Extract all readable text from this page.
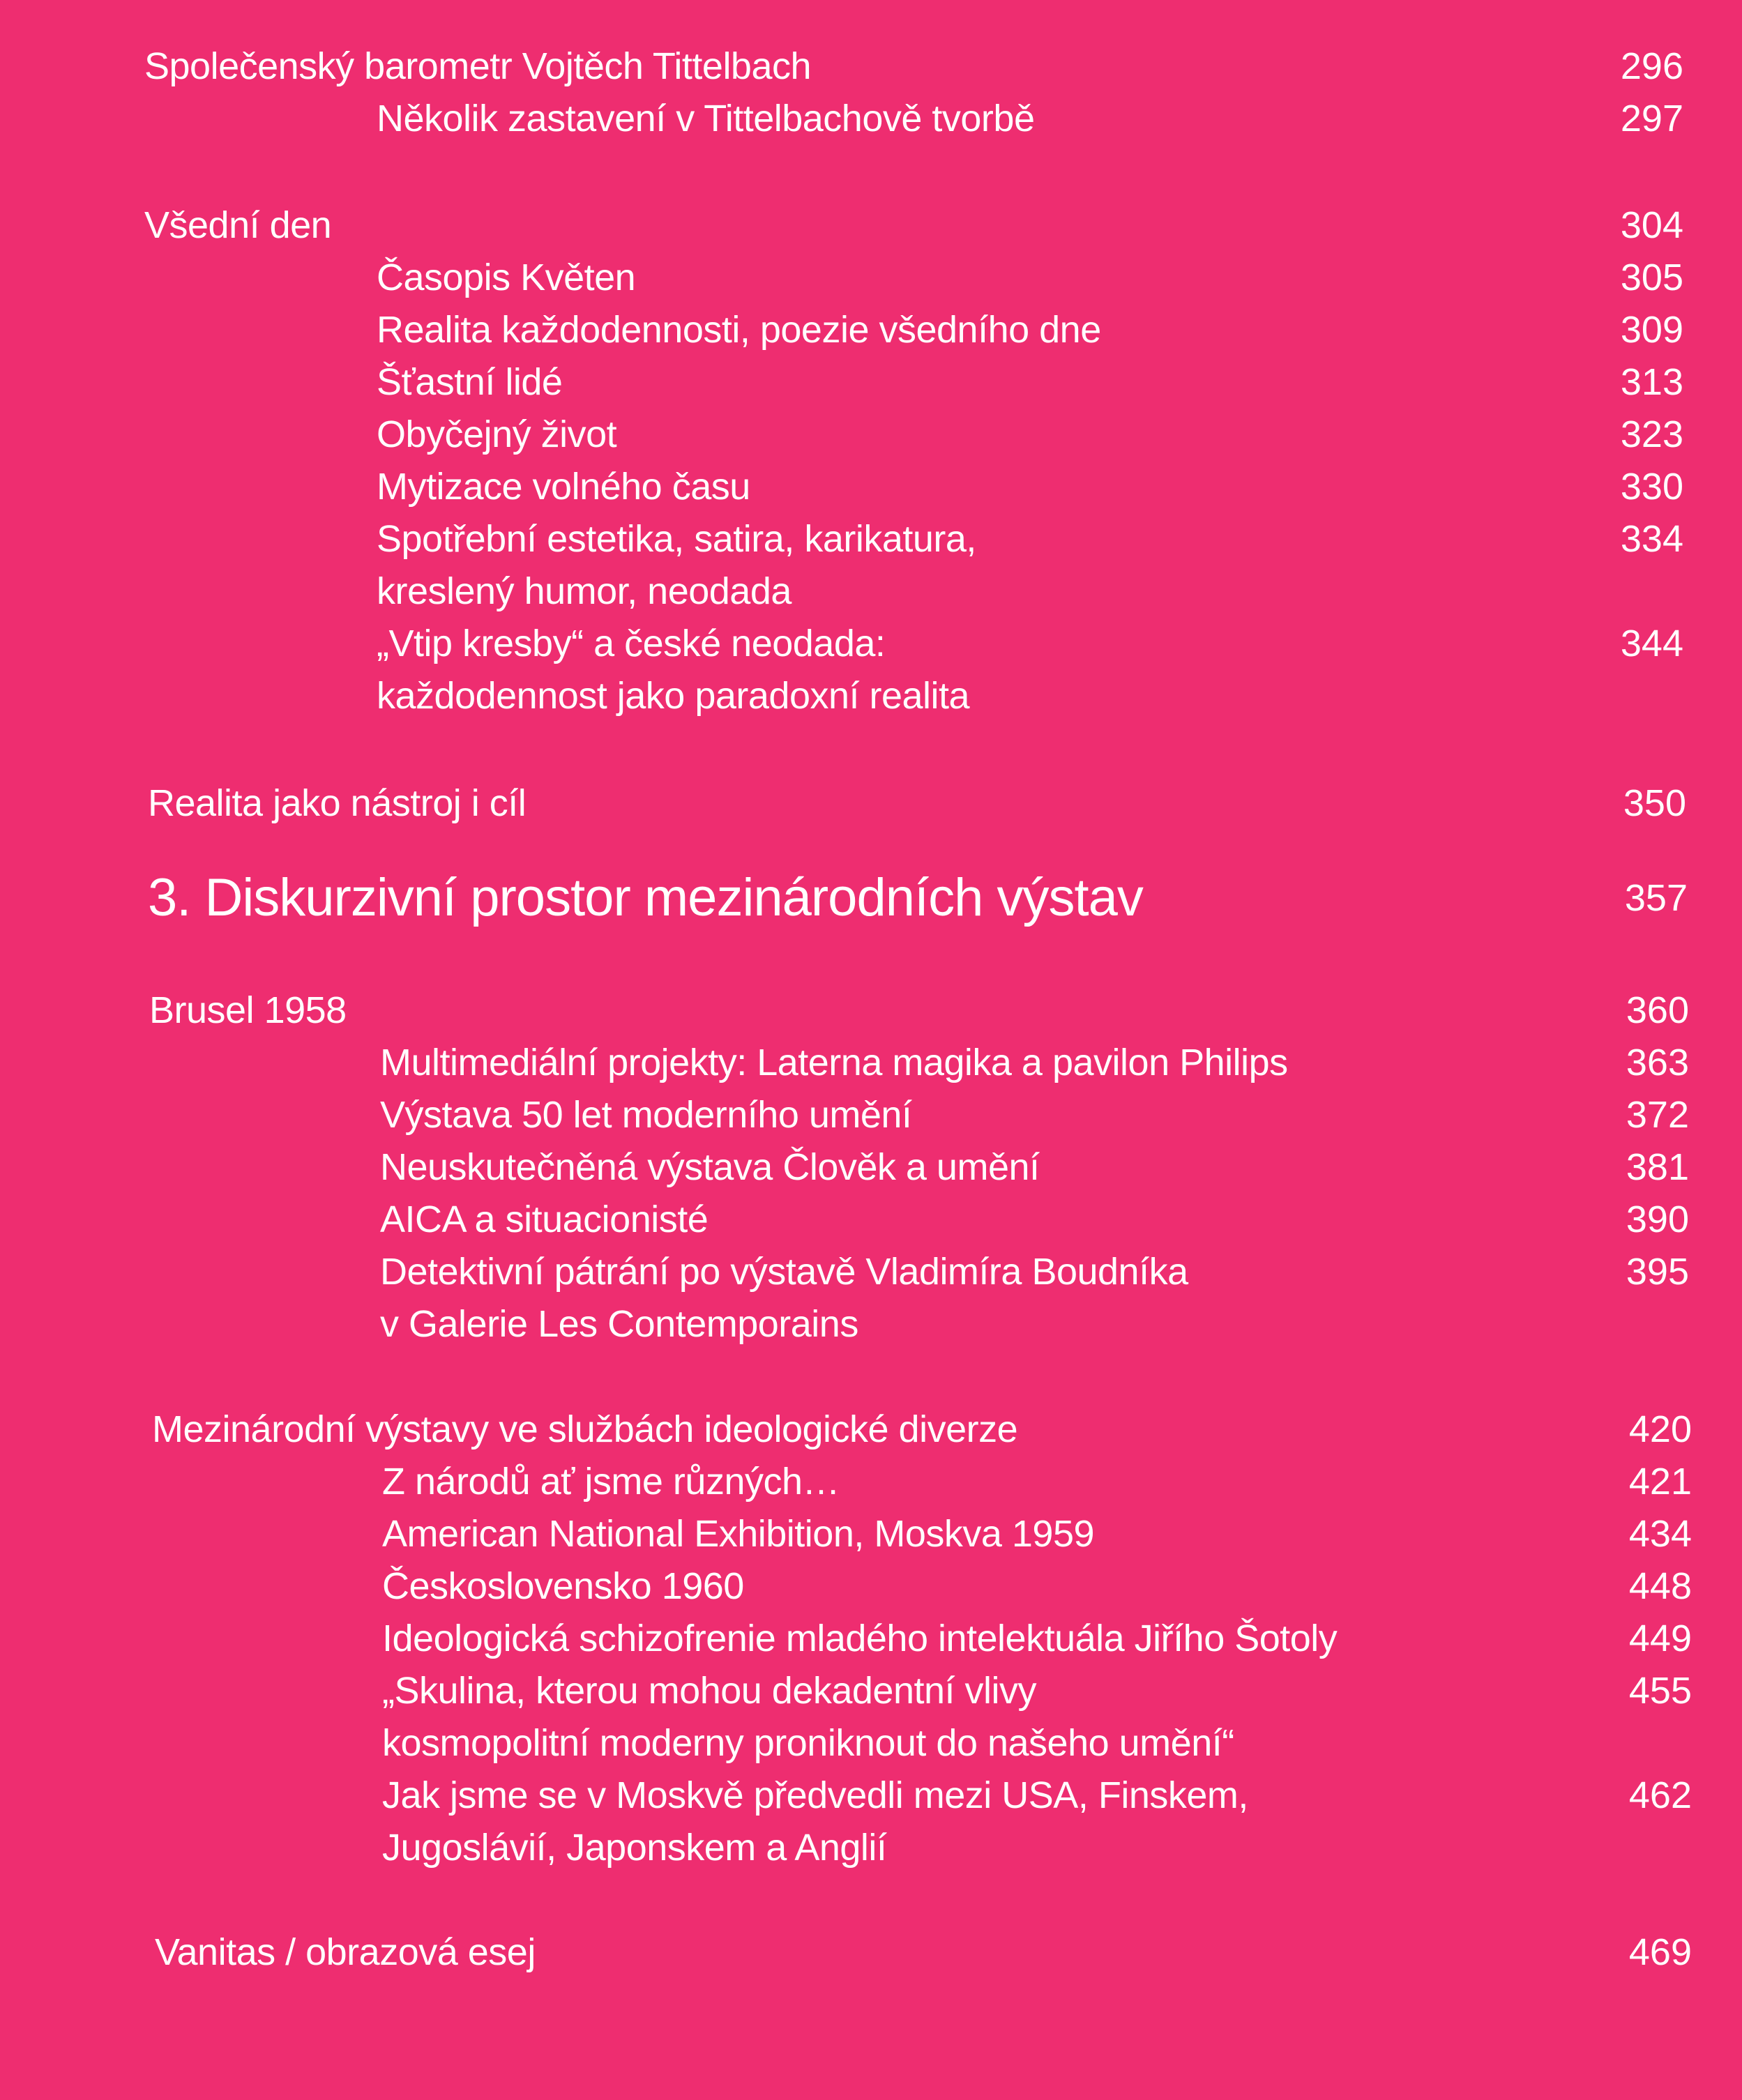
Společenský barometr Vojtěch Tittelbach	296
Několik zastavení v Tittelbachově tvorbě	297
Všední den	304
Časopis Květen	305
Realita každodennosti, poezie všedního dne	309
Šťastní lidé	313
Obyčejný život	323
Mytizace volného času	330
Spotřební estetika, satira, karikatura,	334
kreslený humor, neodada
„Vtip kresby“ a české neodada:	344
každodennost jako paradoxní realita
Realita jako nástroj i cíl	350
3. Diskurzivní prostor mezinárodních výstav	357
Brusel 1958	360
Multimediální projekty: Laterna magika a pavilon Philips	363
Výstava 50 let moderního umění	372
Neuskutečněná výstava Člověk a umění	381
AICA a situacionisté	390
Detektivní pátrání po výstavě Vladimíra Boudníka	395
v Galerie Les Contemporains
Mezinárodní výstavy ve službách ideologické diverze	420
Z národů ať jsme různých…	421
American National Exhibition, Moskva 1959	434
Československo 1960	448
Ideologická schizofrenie mladého intelektuála Jiřího Šotoly	449
„Skulina, kterou mohou dekadentní vlivy	455
kosmopolitní moderny proniknout do našeho umění“
Jak jsme se v Moskvě předvedli mezi USA, Finskem,	462
Jugoslávií, Japonskem a Anglií
Vanitas / obrazová esej	469
